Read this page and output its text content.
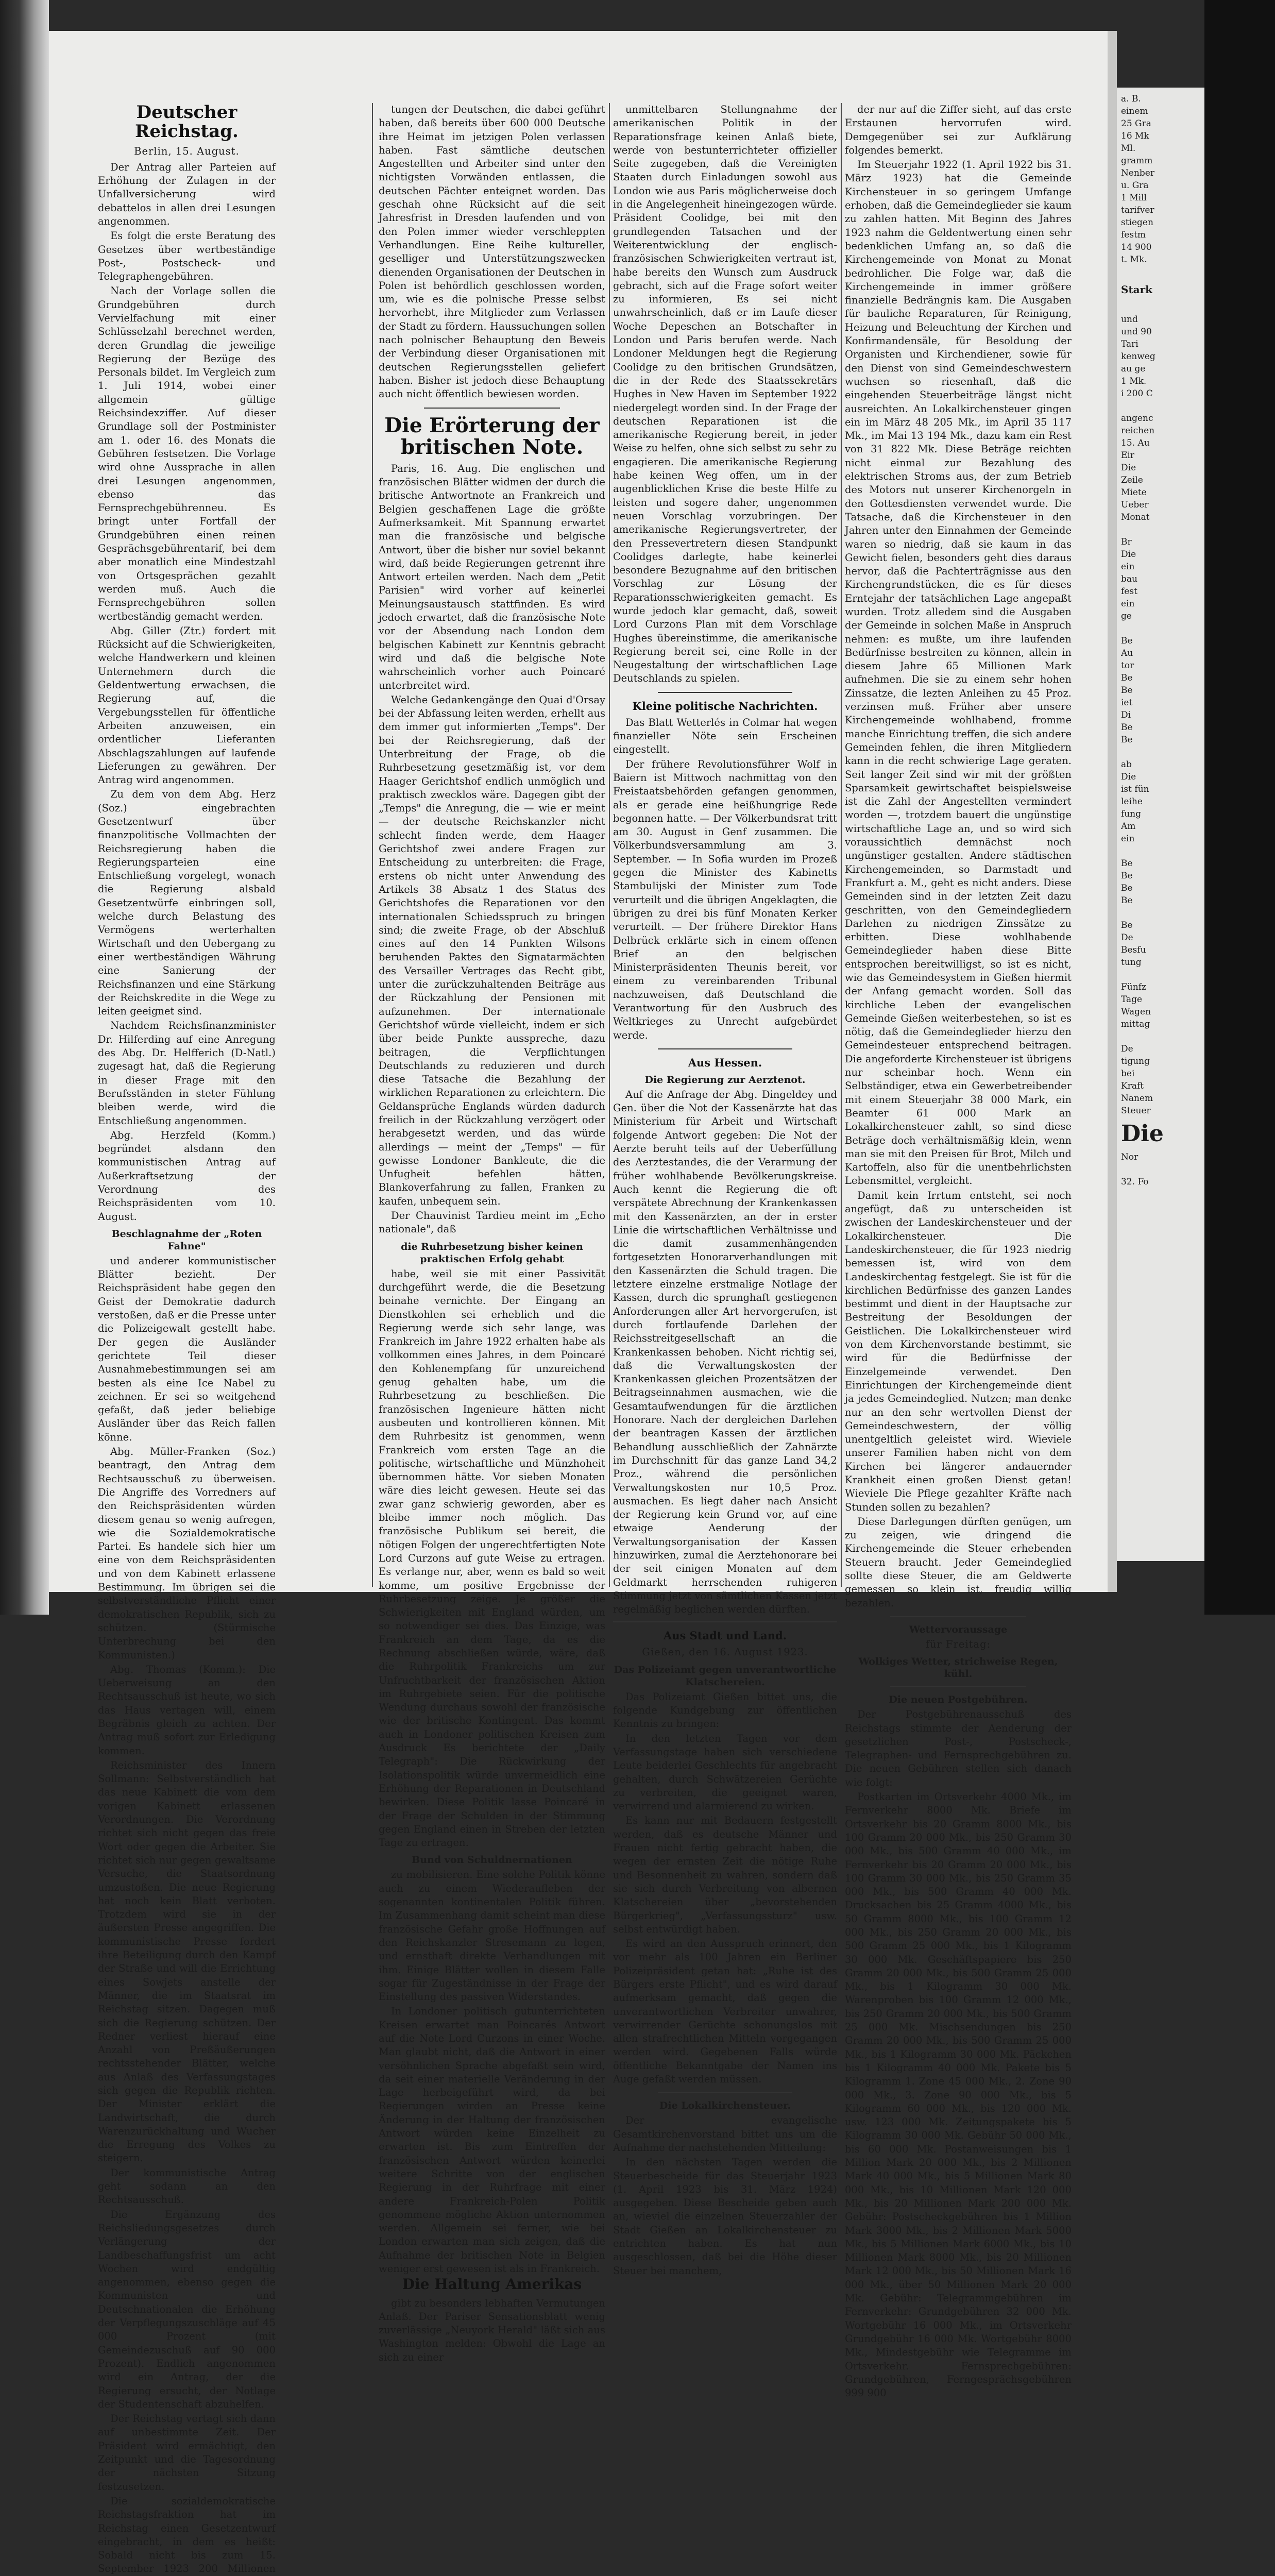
a. B.
einem
25 Gra
16 Mk
Ml.
gramm
Nenber
u. Gra
1 Mill
tarifver
stiegen
festm
14 900
t. Mk.

Stark

und
und 90
Tari
kenweg
au ge
1 Mk.
i 200 C

angenc
reichen
15. Au
Eir
Die
Zeile
Miete
Ueber
Monat

Br
Die
ein
bau
fest
ein
ge

Be
Au
tor
Be
Be
iet
Di
Be
Be

ab
Die
ist fün
leihe
fung
Am
ein

Be
Be
Be
Be

Be
De
Besfu
tung

Fünfz
Tage
Wagen
mittag

De
tigung
bei
Kraft
Nanem
Steuer
Die
Nor

32. Fo
Deutscher Reichstag.
Berlin, 15. August.

Der Antrag aller Parteien auf Erhöhung der Zulagen in der Unfallversicherung wird debattelos in allen drei Lesungen angenommen.

Es folgt die erste Beratung des Gesetzes über wertbeständige Post-, Postscheck- und Telegraphengebühren.

Nach der Vorlage sollen die Grundgebühren durch Vervielfachung mit einer Schlüsselzahl berechnet werden, deren Grundlag die jeweilige Regierung der Bezüge des Personals bildet. Im Vergleich zum 1. Juli 1914, wobei einer allgemein gültige Reichsindexziffer. Auf dieser Grundlage soll der Postminister am 1. oder 16. des Monats die Gebühren festsetzen. Die Vorlage wird ohne Aussprache in allen drei Lesungen angenommen, ebenso das Fernsprechgebührenneu. Es bringt unter Fortfall der Grundgebühren einen reinen Gesprächsgebührentarif, bei dem aber monatlich eine Mindestzahl von Ortsgesprächen gezahlt werden muß. Auch die Fernsprechgebühren sollen wertbeständig gemacht werden.

Abg. Giller (Ztr.) fordert mit Rücksicht auf die Schwierigkeiten, welche Handwerkern und kleinen Unternehmern durch die Geldentwertung erwachsen, die Regierung auf, die Vergebungsstellen für öffentliche Arbeiten anzuweisen, ein ordentlicher Lieferanten Abschlagszahlungen auf laufende Lieferungen zu gewähren. Der Antrag wird angenommen.

Zu dem von dem Abg. Herz (Soz.) eingebrachten Gesetzentwurf über finanzpolitische Vollmachten der Reichsregierung haben die Regierungsparteien eine Entschließung vorgelegt, wonach die Regierung alsbald Gesetzentwürfe einbringen soll, welche durch Belastung des Vermögens werterhalten Wirtschaft und den Uebergang zu einer wertbeständigen Währung eine Sanierung der Reichsfinanzen und eine Stärkung der Reichskredite in die Wege zu leiten geeignet sind.

Nachdem Reichsfinanzminister Dr. Hilferding auf eine Anregung des Abg. Dr. Helfferich (D-Natl.) zugesagt hat, daß die Regierung in dieser Frage mit den Berufsständen in steter Fühlung bleiben werde, wird die Entschließung angenommen.

Abg. Herzfeld (Komm.) begründet alsdann den kommunistischen Antrag auf Außerkraftsetzung der Verordnung des Reichspräsidenten vom 10. August.

Beschlagnahme der „Roten Fahne"

und anderer kommunistischer Blätter bezieht. Der Reichspräsident habe gegen den Geist der Demokratie dadurch verstoßen, daß er die Presse unter die Polizeigewalt gestellt habe. Der gegen die Ausländer gerichtete Teil dieser Ausnahmebestimmungen sei am besten als eine Ice Nabel zu zeichnen. Er sei so weitgehend gefaßt, daß jeder beliebige Ausländer über das Reich fallen könne.

Abg. Müller-Franken (Soz.) beantragt, den Antrag dem Rechtsausschuß zu überweisen. Die Angriffe des Vorredners auf den Reichspräsidenten würden diesem genau so wenig aufregen, wie die Sozialdemokratische Partei. Es handele sich hier um eine von dem Reichspräsidenten und von dem Kabinett erlassene Bestimmung. Im übrigen sei die selbstverständliche Pflicht einer demokratischen Republik, sich zu schützen. (Stürmische Unterbrechung bei den Kommunisten.)

Abg. Thomas (Komm.): Die Ueberweisung an den Rechtsausschuß ist heute, wo sich das Haus vertagen will, einem Begräbnis gleich zu achten. Der Antrag muß sofort zur Erledigung kommen.

Reichsminister des Innern Sollmann: Selbstverständlich hat das neue Kabinett die vom dem vorigen Kabinett erlassenen Verordnungen. Die Verordnung richtet sich nicht gegen das freie Wort oder gegen die Arbeiter. Sie richtet sich nur gegen gewaltsame Versuche, die Staatsordnung umzustoßen. Die neue Regierung hat noch kein Blatt verboten. Trotzdem wird sie in der äußersten Presse angegriffen. Die kommunistische Presse fordert ihre Beteiligung durch den Kampf der Straße und will die Errichtung eines Sowjets anstelle der Männer, die im Staatsrat im Reichstag sitzen. Dagegen muß sich die Regierung schützen. Der Redner verliest hierauf eine Anzahl von Preßäußerungen rechtsstehender Blätter, welche aus Anlaß des Verfassungstages sich gegen die Republik richten. Der Minister erklärt die Landwirtschaft, die durch Warenzurückhaltung und Wucher die Erregung des Volkes zu steigern.

Der kommunistische Antrag geht sodann an den Rechtsausschuß.

Die Ergänzung des Reichsliedungsgesetzes durch Verlängerung der Landbeschaffungsfrist um acht Wochen wird endgültig angenommen, ebenso gegen die Kommunisten und Deutschnationalen die Erhöhung der Verpflegungszuschläge auf 45 000 Prozent (mit Gemeindezuschuß auf 90 000 Prozent). Endlich angenommen wird ein Antrag, der die Regierung ersucht, der Notlage der Studentenschaft abzuhelfen.

Der Reichstag vertagt sich dann auf unbestimmte Zeit. Der Präsident wird ermächtigt, den Zeitpunkt und die Tagesordnung der nächsten Sitzung festzusetzen.

Die sozialdemokratische Reichstagsfraktion hat im Reichstag einen Gesetzentwurf eingebracht, in dem es heißt: Sobald nicht bis zum 15. September 1923 200 Millionen

tungen der Deutschen, die dabei geführt haben, daß bereits über 600 000 Deutsche ihre Heimat im jetzigen Polen verlassen haben. Fast sämtliche deutschen Angestellten und Arbeiter sind unter den nichtigsten Vorwänden entlassen, die deutschen Pächter enteignet worden. Das geschah ohne Rücksicht auf die seit Jahresfrist in Dresden laufenden und von den Polen immer wieder verschleppten Verhandlungen. Eine Reihe kultureller, geselliger und Unterstützungszwecken dienenden Organisationen der Deutschen in Polen ist behördlich geschlossen worden, um, wie es die polnische Presse selbst hervorhebt, ihre Mitglieder zum Verlassen der Stadt zu fördern. Haussuchungen sollen nach polnischer Behauptung den Beweis der Verbindung dieser Organisationen mit deutschen Regierungsstellen geliefert haben. Bisher ist jedoch diese Behauptung auch nicht öffentlich bewiesen worden.

Die Erörterung der britischen Note.

Paris, 16. Aug. Die englischen und französischen Blätter widmen der durch die britische Antwortnote an Frankreich und Belgien geschaffenen Lage die größte Aufmerksamkeit. Mit Spannung erwartet man die französische und belgische Antwort, über die bisher nur soviel bekannt wird, daß beide Regierungen getrennt ihre Antwort erteilen werden. Nach dem „Petit Parisien" wird vorher auf keinerlei Meinungsaustausch stattfinden. Es wird jedoch erwartet, daß die französische Note vor der Absendung nach London dem belgischen Kabinett zur Kenntnis gebracht wird und daß die belgische Note wahrscheinlich vorher auch Poincaré unterbreitet wird.

Welche Gedankengänge den Quai d'Orsay bei der Abfassung leiten werden, erhellt aus dem immer gut informierten „Temps". Der bei der Reichsregierung, daß der Unterbreitung der Frage, ob die Ruhrbesetzung gesetzmäßig ist, vor dem Haager Gerichtshof endlich unmöglich und praktisch zwecklos wäre. Dagegen gibt der „Temps" die Anregung, die — wie er meint — der deutsche Reichskanzler nicht schlecht finden werde, dem Haager Gerichtshof zwei andere Fragen zur Entscheidung zu unterbreiten: die Frage, erstens ob nicht unter Anwendung des Artikels 38 Absatz 1 des Status des Gerichtshofes die Reparationen vor den internationalen Schiedsspruch zu bringen sind; die zweite Frage, ob der Abschluß eines auf den 14 Punkten Wilsons beruhenden Paktes den Signatarmächten des Versailler Vertrages das Recht gibt, unter die zurückzuhaltenden Beiträge aus der Rückzahlung der Pensionen mit aufzunehmen. Der internationale Gerichtshof würde vielleicht, indem er sich über beide Punkte ausspreche, dazu beitragen, die Verpflichtungen Deutschlands zu reduzieren und durch diese Tatsache die Bezahlung der wirklichen Reparationen zu erleichtern. Die Geldansprüche Englands würden dadurch freilich in der Rückzahlung verzögert oder herabgesetzt werden, und das würde allerdings — meint der „Temps" — für gewisse Londoner Bankleute, die die Unfugheit befehlen hätten, Blankoverfahrung zu fallen, Franken zu kaufen, unbequem sein.

Der Chauvinist Tardieu meint im „Echo nationale", daß

die Ruhrbesetzung bisher keinen praktischen Erfolg gehabt

habe, weil sie mit einer Passivität durchgeführt werde, die die Besetzung beinahe vernichte. Der Eingang an Dienstkohlen sei erheblich und die Regierung werde sich sehr lange, was Frankreich im Jahre 1922 erhalten habe als vollkommen eines Jahres, in dem Poincaré den Kohlenempfang für unzureichend genug gehalten habe, um die Ruhrbesetzung zu beschließen. Die französischen Ingenieure hätten nicht ausbeuten und kontrollieren können. Mit dem Ruhrbesitz ist genommen, wenn Frankreich vom ersten Tage an die politische, wirtschaftliche und Münzhoheit übernommen hätte. Vor sieben Monaten wäre dies leicht gewesen. Heute sei das zwar ganz schwierig geworden, aber es bleibe immer noch möglich. Das französische Publikum sei bereit, die nötigen Folgen der ungerechtfertigten Note Lord Curzons auf gute Weise zu ertragen. Es verlange nur, aber, wenn es bald so weit komme, um positive Ergebnisse der Ruhrbesetzung zeige. Je größer die Schwierigkeiten mit England würden, um so notwendiger sei dies. Das Einzige, was Frankreich an dem Tage, da es die Rechnung abschließen würde, wäre, daß die Ruhrpolitik Frankreichs um zur Unfruchtbarkeit der französischen Aktion im Ruhrgebiete seien. Für die politische Wendung durchaus sowohl der französische wie der britische Kontingent. Das kommt auch in Londoner politischen Kreisen zum Ausdruck Es berichtete der „Daily Telegraph": Die Rückwirkung der Isolationspolitik würde unvermeidlich eine Erhöhung der Reparationen in Deutschland bewirken. Diese Politik lasse Poincaré in der Frage der Schulden in der Stimmung gegen England einen in Streben der letzten Tage zu ertragen.

Bund von Schuldnernationen

zu mobilisieren. Eine solche Politik könne auch zu einem Wiederaufleben der sogenannten kontinentalen Politik führen. Im Zusammenhang damit scheint man diese französische Gefahr große Hoffnungen auf den Reichskanzler Stresemann zu legen, und ernsthaft direkte Verhandlungen mit ihm. Einige Blätter wollen in diesem Falle sogar für Zugeständnisse in der Frage der Einstellung des passiven Widerstandes.

In Londoner politisch gutunterrichteten Kreisen erwartet man Poincarés Antwort auf die Note Lord Curzons in einer Woche. Man glaubt nicht, daß die Antwort in einer versöhnlichen Sprache abgefaßt sein wird, da seit einer materielle Veränderung in der Lage herbeigeführt wird, da bei Regierungen wirden an Presse keine Änderung in der Haltung der französischen Antwort würden keine Einzelheit zu erwarten ist. Bis zum Eintreffen der französischen Antwort würden keinerlei weitere Schritte von der englischen Regierung in der Ruhrfrage mit einer andere Frankreich-Polen Politik genommene mögliche Aktion unternommen werden. Allgemein sei ferner, wie bei London erwarten man sich zeigen, daß die Aufnahme der britischen Note in Belgien weniger erst gewesen ist als in Frankreich.

Die Haltung Amerikas

gibt zu besonders lebhaften Vermutungen Anlaß. Der Pariser Sensationsblatt wenig zuverlässige „Neuyork Herald" läßt sich aus Washington melden: Obwohl die Lage an sich zu einer

unmittelbaren Stellungnahme der amerikanischen Politik in der Reparationsfrage keinen Anlaß biete, werde von bestunterrichteter offizieller Seite zugegeben, daß die Vereinigten Staaten durch Einladungen sowohl aus London wie aus Paris möglicherweise doch in die Angelegenheit hineingezogen würde. Präsident Coolidge, bei mit den grundlegenden Tatsachen und der Weiterentwicklung der englisch-französischen Schwierigkeiten vertraut ist, habe bereits den Wunsch zum Ausdruck gebracht, sich auf die Frage sofort weiter zu informieren, Es sei nicht unwahrscheinlich, daß er im Laufe dieser Woche Depeschen an Botschafter in London und Paris berufen werde. Nach Londoner Meldungen hegt die Regierung Coolidge zu den britischen Grundsätzen, die in der Rede des Staatssekretärs Hughes in New Haven im September 1922 niedergelegt worden sind. In der Frage der deutschen Reparationen ist die amerikanische Regierung bereit, in jeder Weise zu helfen, ohne sich selbst zu sehr zu engagieren. Die amerikanische Regierung habe keinen Weg offen, um in der augenblicklichen Krise die beste Hilfe zu leisten und sogere daher, ungenommen neuen Vorschlag vorzubringen. Der amerikanische Regierungsvertreter, der den Pressevertretern diesen Standpunkt Coolidges darlegte, habe keinerlei besondere Bezugnahme auf den britischen Vorschlag zur Lösung der Reparationsschwierigkeiten gemacht. Es wurde jedoch klar gemacht, daß, soweit Lord Curzons Plan mit dem Vorschlage Hughes übereinstimme, die amerikanische Regierung bereit sei, eine Rolle in der Neugestaltung der wirtschaftlichen Lage Deutschlands zu spielen.

Kleine politische Nachrichten.

Das Blatt Wetterlés in Colmar hat wegen finanzieller Nöte sein Erscheinen eingestellt.

Der frühere Revolutionsführer Wolf in Baiern ist Mittwoch nachmittag von den Freistaatsbehörden gefangen genommen, als er gerade eine heißhungrige Rede begonnen hatte. — Der Völkerbundsrat tritt am 30. August in Genf zusammen. Die Völkerbundsversammlung am 3. September. — In Sofia wurden im Prozeß gegen die Minister des Kabinetts Stambulijski der Minister zum Tode verurteilt und die übrigen Angeklagten, die übrigen zu drei bis fünf Monaten Kerker verurteilt. — Der frühere Direktor Hans Delbrück erklärte sich in einem offenen Brief an den belgischen Ministerpräsidenten Theunis bereit, vor einem zu vereinbarenden Tribunal nachzuweisen, daß Deutschland die Verantwortung für den Ausbruch des Weltkrieges zu Unrecht aufgebürdet werde.

Aus Hessen.
Die Regierung zur Aerztenot.

Auf die Anfrage der Abg. Dingeldey und Gen. über die Not der Kassenärzte hat das Ministerium für Arbeit und Wirtschaft folgende Antwort gegeben: Die Not der Aerzte beruht teils auf der Ueberfüllung des Aerztestandes, die der Verarmung der früher wohlhabende Bevölkerungskreise. Auch kennt die Regierung die oft verspätete Abrechnung der Krankenkassen mit den Kassenärzten, an der in erster Linie die wirtschaftlichen Verhältnisse und die damit zusammenhängenden fortgesetzten Honorarverhandlungen mit den Kassenärzten die Schuld tragen. Die letztere einzelne erstmalige Notlage der Kassen, durch die sprunghaft gestiegenen Anforderungen aller Art hervorgerufen, ist durch fortlaufende Darlehen der Reichsstreitgesellschaft an die Krankenkassen behoben. Nicht richtig sei, daß die Verwaltungskosten der Krankenkassen gleichen Prozentsätzen der Beitragseinnahmen ausmachen, wie die Gesamtaufwendungen für die ärztlichen Honorare. Nach der dergleichen Darlehen der beantragen Kassen der ärztlichen Behandlung ausschließlich der Zahnärzte im Durchschnitt für das ganze Land 34,2 Proz., während die persönlichen Verwaltungskosten nur 10,5 Proz. ausmachen. Es liegt daher nach Ansicht der Regierung kein Grund vor, auf eine etwaige Aenderung der Verwaltungsorganisation der Kassen hinzuwirken, zumal die Aerztehonorare bei der seit einigen Monaten auf dem Geldmarkt herrschenden ruhigeren Stimmung jetzt von sämtlichen Kassen jetzt regelmäßig beglichen werden dürften.

Aus Stadt und Land.
Gießen, den 16. August 1923.
Das Polizeiamt gegen unverantwortliche Klatschereien.

Das Polizeiamt Gießen bittet uns, die folgende Kundgebung zur öffentlichen Kenntnis zu bringen:

In den letzten Tagen vor dem Verfassungstage haben sich verschiedene Leute beiderlei Geschlechts für angebracht gehalten, durch Schwätzereien Gerüchte zu verbreiten, die geeignet waren, verwirrend und alarmierend zu wirken.

Es kann nur mit Bedauern festgestellt werden, daß es deutsche Männer und Frauen nicht fertig gebracht haben, die wegen der ernsten Zeit die nötige Ruhe und Besonnenheit zu wahren, sondern daß sie sich durch Verbreitung von albernen Klatschereien über „bevorstehenden Bürgerkrieg", „Verfassungssturz" usw. selbst entwürdigt haben.

Es wird an den Ausspruch erinnert, den vor mehr als 100 Jahren ein Berliner Polizeipräsident getan hat: „Ruhe ist des Bürgers erste Pflicht", und es wird darauf aufmerksam gemacht, daß gegen die unverantwortlichen Verbreiter unwahrer, verwirrender Gerüchte schonungslos mit allen strafrechtlichen Mitteln vorgegangen werden wird. Gegebenen Falls würde öffentliche Bekanntgabe der Namen ins Auge gefaßt werden müssen.

Die Lokalkirchensteuer.

Der evangelische Gesamtkirchenvorstand bittet uns um die Aufnahme der nachstehenden Mitteilung:

In den nächsten Tagen werden die Steuerbescheide für das Steuerjahr 1923 (1. April 1923 bis 31. März 1924) ausgegeben. Diese Bescheide geben auch an, wieviel die einzelnen Steuerzahler der Stadt Gießen an Lokalkirchensteuer zu entrichten haben. Es hat nun ausgeschlossen, daß bei die Höhe dieser Steuer bei manchem,

der nur auf die Ziffer sieht, auf das erste Erstaunen hervorrufen wird. Demgegenüber sei zur Aufklärung folgendes bemerkt.

Im Steuerjahr 1922 (1. April 1922 bis 31. März 1923) hat die Gemeinde Kirchensteuer in so geringem Umfange erhoben, daß die Gemeindeglieder sie kaum zu zahlen hatten. Mit Beginn des Jahres 1923 nahm die Geldentwertung einen sehr bedenklichen Umfang an, so daß die Kirchengemeinde von Monat zu Monat bedrohlicher. Die Folge war, daß die Kirchengemeinde in immer größere finanzielle Bedrängnis kam. Die Ausgaben für bauliche Reparaturen, für Reinigung, Heizung und Beleuchtung der Kirchen und Konfirmandensäle, für Besoldung der Organisten und Kirchendiener, sowie für den Dienst von sind Gemeindeschwestern wuchsen so riesenhaft, daß die eingehenden Steuerbeiträge längst nicht ausreichten. An Lokalkirchensteuer gingen ein im März 48 205 Mk., im April 35 117 Mk., im Mai 13 194 Mk., dazu kam ein Rest von 31 822 Mk. Diese Beträge reichten nicht einmal zur Bezahlung des elektrischen Stroms aus, der zum Betrieb des Motors nut unserer Kirchenorgeln in den Gottesdiensten verwendet wurde. Die Tatsache, daß die Kirchensteuer in den Jahren unter den Einnahmen der Gemeinde waren so niedrig, daß sie kaum in das Gewicht fielen, besonders geht dies daraus hervor, daß die Pachterträgnisse aus den Kirchengrundstücken, die es für dieses Erntejahr der tatsächlichen Lage angepaßt wurden. Trotz alledem sind die Ausgaben der Gemeinde in solchen Maße in Anspruch nehmen: es mußte, um ihre laufenden Bedürfnisse bestreiten zu können, allein in diesem Jahre 65 Millionen Mark aufnehmen. Die sie zu einem sehr hohen Zinssatze, die lezten Anleihen zu 45 Proz. verzinsen muß. Früher aber unsere Kirchengemeinde wohlhabend, fromme manche Einrichtung treffen, die sich andere Gemeinden fehlen, die ihren Mitgliedern kann in die recht schwierige Lage geraten. Seit langer Zeit sind wir mit der größten Sparsamkeit gewirtschaftet beispielsweise ist die Zahl der Angestellten vermindert worden —, trotzdem bauert die ungünstige wirtschaftliche Lage an, und so wird sich voraussichtlich demnächst noch ungünstiger gestalten. Andere städtischen Kirchengemeinden, so Darmstadt und Frankfurt a. M., geht es nicht anders. Diese Gemeinden sind in der letzten Zeit dazu geschritten, von den Gemeindegliedern Darlehen zu niedrigen Zinssätze zu erbitten. Diese wohlhabende Gemeindeglieder haben diese Bitte entsprochen bereitwilligst, so ist es nicht, wie das Gemeindesystem in Gießen hiermit der Anfang gemacht worden. Soll das kirchliche Leben der evangelischen Gemeinde Gießen weiterbestehen, so ist es nötig, daß die Gemeindeglieder hierzu den Gemeindesteuer entsprechend beitragen. Die angeforderte Kirchensteuer ist übrigens nur scheinbar hoch. Wenn ein Selbständiger, etwa ein Gewerbetreibender mit einem Steuerjahr 38 000 Mark, ein Beamter 61 000 Mark an Lokalkirchensteuer zahlt, so sind diese Beträge doch verhältnismäßig klein, wenn man sie mit den Preisen für Brot, Milch und Kartoffeln, also für die unentbehrlichsten Lebensmittel, vergleicht.

Damit kein Irrtum entsteht, sei noch angefügt, daß zu unterscheiden ist zwischen der Landeskirchensteuer und der Lokalkirchensteuer. Die Landeskirchensteuer, die für 1923 niedrig bemessen ist, wird von dem Landeskirchentag festgelegt. Sie ist für die kirchlichen Bedürfnisse des ganzen Landes bestimmt und dient in der Hauptsache zur Bestreitung der Besoldungen der Geistlichen. Die Lokalkirchensteuer wird von dem Kirchenvorstande bestimmt, sie wird für die Bedürfnisse der Einzelgemeinde verwendet. Den Einrichtungen der Kirchengemeinde dient ja jedes Gemeindeglied. Nutzen; man denke nur an den sehr wertvollen Dienst der Gemeindeschwestern, der völlig unentgeltlich geleistet wird. Wieviele unserer Familien haben nicht von dem Kirchen bei längerer andauernder Krankheit einen großen Dienst getan! Wieviele Die Pflege gezahlter Kräfte nach Stunden sollen zu bezahlen?

Diese Darlegungen dürften genügen, um zu zeigen, wie dringend die Kirchengemeinde die Steuer erhebenden Steuern braucht. Jeder Gemeindeglied sollte diese Steuer, die am Geldwerte gemessen so klein ist, freudig willig bezahlen.

Wettervoraussage
für Freitag:
Wolkiges Wetter, strichweise Regen, kühl.
Die neuen Postgebühren.

Der Postgebührenausschuß des Reichstags stimmte der Aenderung der gesetzlichen Post-, Postscheck-, Telegraphen- und Fernsprechgebühren zu. Die neuen Gebühren stellen sich danach wie folgt:

Postkarten im Ortsverkehr 4000 Mk., im Fernverkehr 8000 Mk. Briefe im Ortsverkehr bis 20 Gramm 8000 Mk., bis 100 Gramm 20 000 Mk., bis 250 Gramm 30 000 Mk., bis 500 Gramm 40 000 Mk., im Fernverkehr bis 20 Gramm 20 000 Mk., bis 100 Gramm 30 000 Mk., bis 250 Gramm 35 000 Mk., bis 500 Gramm 40 000 Mk. Drucksachen bis 25 Gramm 4000 Mk., bis 50 Gramm 8000 Mk., bis 100 Gramm 12 000 Mk., bis 250 Gramm 20 000 Mk., bis 500 Gramm 25 000 Mk., bis 1 Kilogramm 30 000 Mk. Geschäftspapiere bis 250 Gramm 20 000 Mk., bis 500 Gramm 25 000 Mk., bis 1 Kilogramm 30 000 Mk. Warenproben bis 100 Gramm 12 000 Mk., bis 250 Gramm 20 000 Mk., bis 500 Gramm 25 000 Mk. Mischsendungen bis 250 Gramm 20 000 Mk., bis 500 Gramm 25 000 Mk., bis 1 Kilogramm 30 000 Mk. Päckchen bis 1 Kilogramm 40 000 Mk. Pakete bis 5 Kilogramm 1. Zone 45 000 Mk., 2. Zone 90 000 Mk., 3. Zone 90 000 Mk., bis 5 Kilogramm 60 000 Mk., bis 120 000 Mk. usw. 123 000 Mk. Zeitungspakete bis 5 Kilogramm 30 000 Mk. Gebühr 50 000 Mk., bis 60 000 Mk. Postanweisungen bis 1 Million Mark 20 000 Mk., bis 2 Millionen Mark 40 000 Mk., bis 5 Millionen Mark 80 000 Mk., bis 10 Millionen Mark 120 000 Mk., bis 20 Millionen Mark 200 000 Mk. Gebühr: Postscheckgebühren bis 1 Million Mark 3000 Mk., bis 2 Millionen Mark 5000 Mk., bis 5 Millionen Mark 6000 Mk., bis 10 Millionen Mark 8000 Mk., bis 20 Millionen Mark 12 000 Mk., bis 50 Millionen Mark 16 000 Mk., über 50 Millionen Mark 20 000 Mk. Gebühr: Telegrammgebühren im Fernverkehr: Grundgebühren 32 000 Mk. Wortgebühr 16 000 Mk., im Ortsverkehr Grundgebühr 16 000 Mk. Wortgebühr 8000 Mk., Mindestgebühr wie Telegramme im Ortsverkehr. Fernsprechgebühren: Grundgebühren, Ferngesprächsgebühren 999 900
